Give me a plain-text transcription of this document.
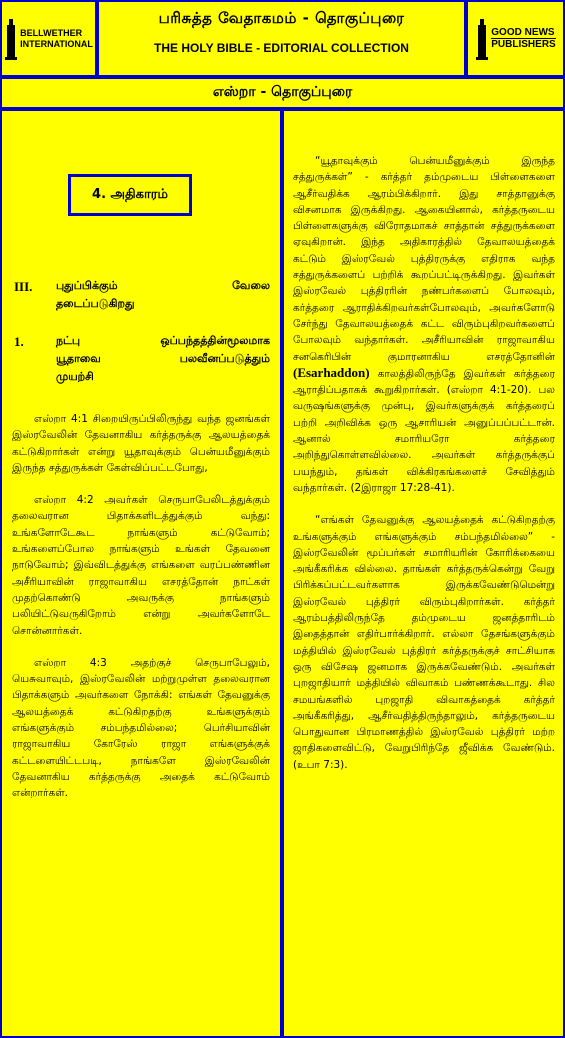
BELLWETHER
INTERNATIONAL
பரிசுத்த வேதாகமம் - தொகுப்புரை
THE HOLY BIBLE - EDITORIAL COLLECTION
GOOD NEWS
PUBLISHERS
எஸ்றா - தொகுப்புரை
4. அதிகாரம்
III. புதுப்பிக்கும் வேலை
தடைப்படுகிறது
1.	நட்பு ஒப்பந்தத்தின்மூலமாக
யூதாவை பலவீனப்படுத்தும்
முயற்சி

எஸ்றா 4:1 சிறையிருப்பிலிருந்து வந்த ஜனங்கள் இஸ்ரவேலின் தேவனாகிய கர்த்தருக்கு ஆலயத்தைக் கட்டுகிறார்கள் என்று யூதாவுக்கும் பென்யமீனுக்கும் இருந்த சத்துருக்கள் கேள்விப்பட்டபோது,

எஸ்றா 4:2 அவர்கள் செருபாபேலிடத்துக்கும் தலைவரான பிதாக்களிடத்துக்கும் வந்து: உங்களோடேகூட நாங்களும் கட்டுவோம்; உங்களைப்போல நாங்களும் உங்கள் தேவனை நாடுவோம்; இவ்விடத்துக்கு எங்களை வரப்பண்ணின அசீரியாவின் ராஜாவாகிய எசரத்தோன் நாட்கள் முதற்கொண்டு அவருக்கு நாங்களும் பலியிட்டுவருகிறோம் என்று அவர்களோடே சொன்னார்கள்.

எஸ்றா 4:3 அதற்குச் செருபாபேலும், யெசுவாவும், இஸ்ரவேலின் மற்றுமுள்ள தலைவரான பிதாக்களும் அவர்களை நோக்கி: எங்கள் தேவனுக்கு ஆலயத்தைக் கட்டுகிறதற்கு உங்களுக்கும் எங்களுக்கும் சம்பந்தமில்லை; பெர்சியாவின் ராஜாவாகிய கோரேஸ் ராஜா எங்களுக்குக் கட்டளையிட்டபடி, நாங்களே இஸ்ரவேலின் தேவனாகிய கர்த்தருக்கு அதைக் கட்டுவோம் என்றார்கள்.

“யூதாவுக்கும் பென்யமீனுக்கும் இருந்த சத்துருக்கள்” - கர்த்தர் தம்முடைய பிள்ளைகளை ஆசீர்வதிக்க ஆரம்பிக்கிறார். இது சாத்தானுக்கு விசனமாக இருக்கிறது. ஆகையினால், கர்த்தருடைய பிள்ளைகளுக்கு விரோதமாகச் சாத்தான் சத்துருக்களை ஏவுகிறான். இந்த அதிகாரத்தில் தேவாலயத்தைக் கட்டும் இஸ்ரவேல் புத்திரருக்கு எதிராக வந்த சத்துருக்களைப் பற்றிக் கூறப்பட்டிருக்கிறது. இவர்கள் இஸ்ரவேல் புத்திரரின் நண்பர்களைப் போலவும், கர்த்தரை ஆராதிக்கிறவர்கள்போலவும், அவர்களோடு சேர்ந்து தேவாலயத்தைக் கட்ட விரும்புகிறவர்களைப் போலவும் வந்தார்கள். அசீரியாவின் ராஜாவாகிய சனகெரிபின் குமாரனாகிய எசரத்தோனின் (Esarhaddon) காலத்திலிருந்தே இவர்கள் கர்த்தரை ஆராதிப்பதாகக் கூறுகிறார்கள். (எஸ்றா 4:1-20). பல வருஷங்களுக்கு முன்பு, இவர்களுக்குக் கர்த்தரைப் பற்றி அறிவிக்க ஒரு ஆசாரியன் அனுப்பப்பட்டான். ஆனால் சமாரியரோ கர்த்தரை அறிந்துகொள்ளவில்லை. அவர்கள் கர்த்தருக்குப் பயந்தும், தங்கள் விக்கிரகங்களைச் சேவித்தும் வந்தார்கள். (2இராஜா 17:28-41).

“எங்கள் தேவனுக்கு ஆலயத்தைக் கட்டுகிறதற்கு உங்களுக்கும் எங்களுக்கும் சம்பந்தமில்லை” - இஸ்ரவேலின் மூப்பர்கள் சமாரியரின் கோரிக்கையை அங்கீகரிக்க வில்லை. தாங்கள் கர்த்தருக்கென்று வேறு பிரிக்கப்பட்டவர்களாக இருக்கவேண்டுமென்று இஸ்ரவேல் புத்திரர் விரும்புகிறார்கள். கர்த்தர் ஆரம்பத்திலிருந்தே தம்முடைய ஜனத்தாரிடம் இதைத்தான் எதிர்பார்க்கிறார். எல்லா தேசங்களுக்கும் மத்தியில் இஸ்ரவேல் புத்திரர் கர்த்தருக்குச் சாட்சியாக ஒரு விசேஷ ஜனமாக இருக்கவேண்டும். அவர்கள் புறஜாதியார் மத்தியில் விவாகம் பண்ணக்கூடாது. சில சமயங்களில் புறஜாதி விவாகத்தைக் கர்த்தர் அங்கீகரித்து, ஆசீர்வதித்திருந்தாலும், கர்த்தருடைய பொதுவான பிரமாணத்தில் இஸ்ரவேல் புத்திரர் மற்ற ஜாதிகளைவிட்டு, வேறுபிரிந்தே ஜீவிக்க வேண்டும். (உபா 7:3).
